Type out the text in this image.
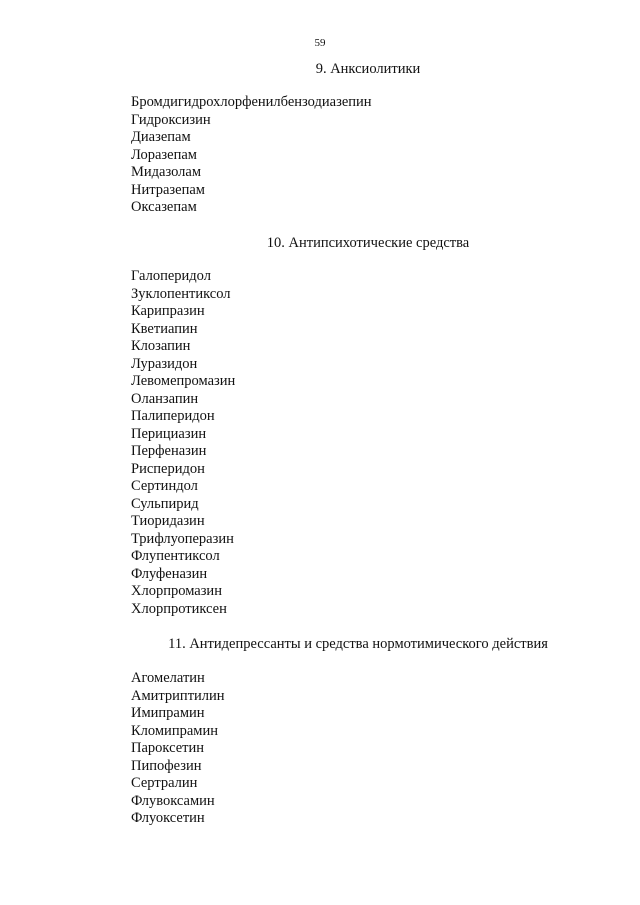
59
9. Анксиолитики
Бромдигидрохлорфенилбензодиазепин
Гидроксизин
Диазепам
Лоразепам
Мидазолам
Нитразепам
Оксазепам
10. Антипсихотические средства
Галоперидол
Зуклопентиксол
Карипразин
Кветиапин
Клозапин
Луразидон
Левомепромазин
Оланзапин
Палиперидон
Перициазин
Перфеназин
Рисперидон
Сертиндол
Сульпирид
Тиоридазин
Трифлуоперазин
Флупентиксол
Флуфеназин
Хлорпромазин
Хлорпротиксен
11. Антидепрессанты и средства нормотимического действия
Агомелатин
Амитриптилин
Имипрамин
Кломипрамин
Пароксетин
Пипофезин
Сертралин
Флувоксамин
Флуоксетин
